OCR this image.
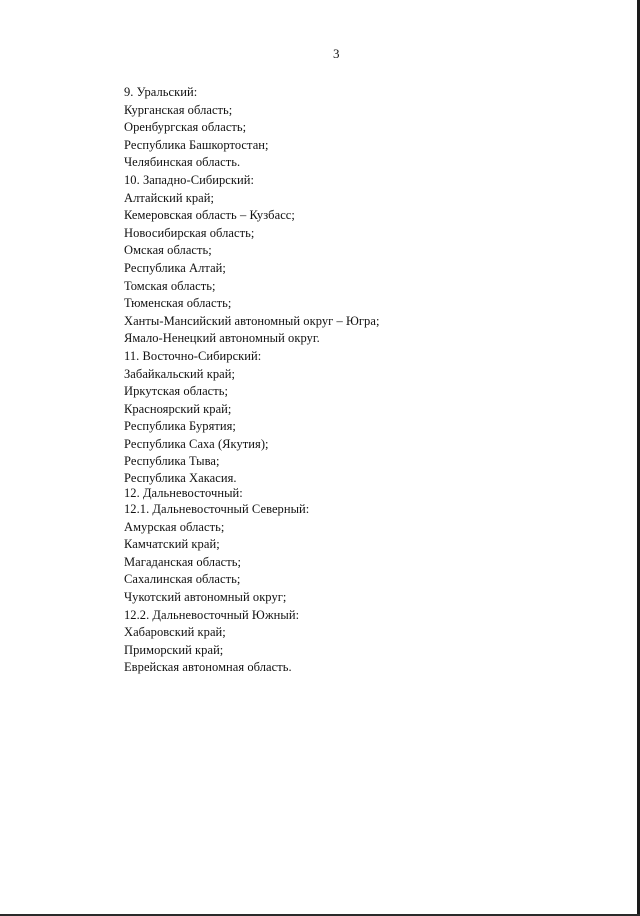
3
9. Уральский:
Курганская область;
Оренбургская область;
Республика Башкортостан;
Челябинская область.
10. Западно-Сибирский:
Алтайский край;
Кемеровская область – Кузбасс;
Новосибирская область;
Омская область;
Республика Алтай;
Томская область;
Тюменская область;
Ханты-Мансийский автономный округ – Югра;
Ямало-Ненецкий автономный округ.
11. Восточно-Сибирский:
Забайкальский край;
Иркутская область;
Красноярский край;
Республика Бурятия;
Республика Саха (Якутия);
Республика Тыва;
Республика Хакасия.
12. Дальневосточный:
12.1. Дальневосточный Северный:
Амурская область;
Камчатский край;
Магаданская область;
Сахалинская область;
Чукотский автономный округ;
12.2. Дальневосточный Южный:
Хабаровский край;
Приморский край;
Еврейская автономная область.
